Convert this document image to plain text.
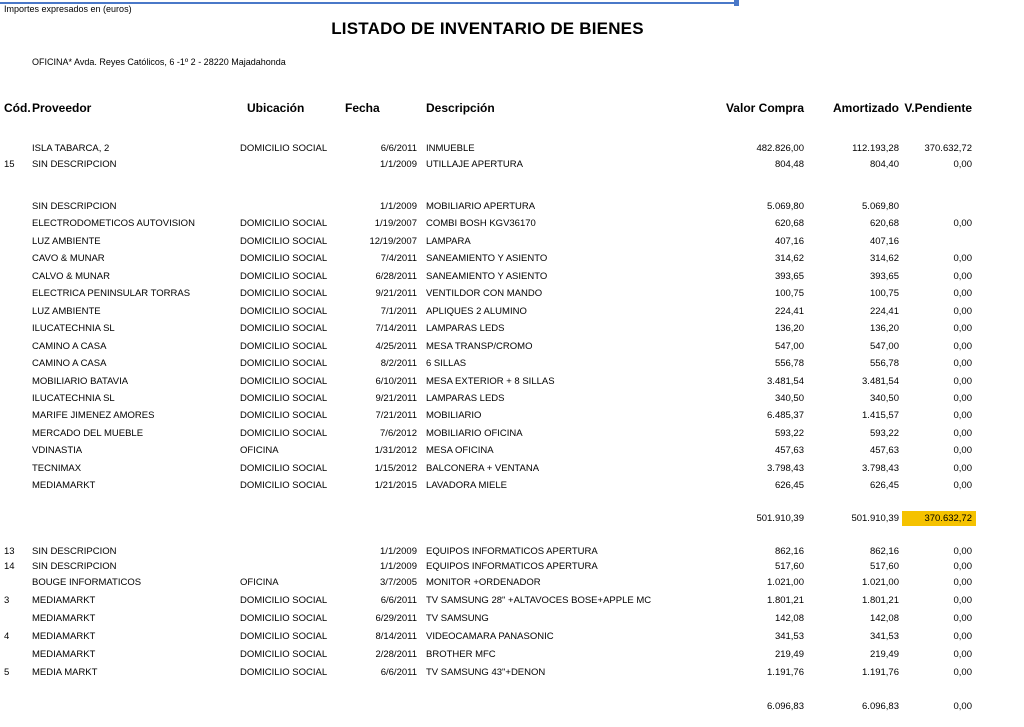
Importes expresados en (euros)
LISTADO DE INVENTARIO DE BIENES
OFICINA* Avda. Reyes Católicos, 6 -1º 2 - 28220 Majadahonda
Cód. Proveedor	Ubicación	Fecha	Descripción	Valor Compra	Amortizado V.Pendiente
ISLA TABARCA, 2	DOMICILIO SOCIAL	6/6/2011 INMUEBLE	482.826,00	112.193,28	370.632,72
15 SIN DESCRIPCION	1/1/2009 UTILLAJE APERTURA	804,48	804,40	0,00
SIN DESCRIPCION	1/1/2009 MOBILIARIO APERTURA	5.069,80	5.069,80
ELECTRODOMETICOS AUTOVISION	DOMICILIO SOCIAL	1/19/2007 COMBI BOSH KGV36170	620,68	620,68	0,00
LUZ AMBIENTE	DOMICILIO SOCIAL	12/19/2007 LAMPARA	407,16	407,16
CAVO & MUNAR	DOMICILIO SOCIAL	7/4/2011 SANEAMIENTO Y ASIENTO	314,62	314,62	0,00
CALVO & MUNAR	DOMICILIO SOCIAL	6/28/2011 SANEAMIENTO Y ASIENTO	393,65	393,65	0,00
ELECTRICA PENINSULAR TORRAS	DOMICILIO SOCIAL	9/21/2011 VENTILDOR CON MANDO	100,75	100,75	0,00
LUZ AMBIENTE	DOMICILIO SOCIAL	7/1/2011 APLIQUES 2 ALUMINO	224,41	224,41	0,00
ILUCATECHNIA SL	DOMICILIO SOCIAL	7/14/2011 LAMPARAS LEDS	136,20	136,20	0,00
CAMINO A CASA	DOMICILIO SOCIAL	4/25/2011 MESA TRANSP/CROMO	547,00	547,00	0,00
CAMINO A CASA	DOMICILIO SOCIAL	8/2/2011 6 SILLAS	556,78	556,78	0,00
MOBILIARIO BATAVIA	DOMICILIO SOCIAL	6/10/2011 MESA EXTERIOR + 8 SILLAS	3.481,54	3.481,54	0,00
ILUCATECHNIA SL	DOMICILIO SOCIAL	9/21/2011 LAMPARAS LEDS	340,50	340,50	0,00
MARIFE JIMENEZ AMORES	DOMICILIO SOCIAL	7/21/2011 MOBILIARIO	6.485,37	1.415,57	0,00
MERCADO DEL MUEBLE	DOMICILIO SOCIAL	7/6/2012 MOBILIARIO OFICINA	593,22	593,22	0,00
VDINASTIA	OFICINA	1/31/2012 MESA OFICINA	457,63	457,63	0,00
TECNIMAX	DOMICILIO SOCIAL	1/15/2012 BALCONERA + VENTANA	3.798,43	3.798,43	0,00
MEDIAMARKT	DOMICILIO SOCIAL	1/21/2015 LAVADORA MIELE	626,45	626,45	0,00
13 SIN DESCRIPCION	1/1/2009 EQUIPOS INFORMATICOS APERTURA	862,16	862,16	0,00
14 SIN DESCRIPCION	1/1/2009 EQUIPOS INFORMATICOS APERTURA	517,60	517,60	0,00
BOUGE INFORMATICOS	OFICINA	3/7/2005 MONITOR +ORDENADOR	1.021,00	1.021,00	0,00
3 MEDIAMARKT	DOMICILIO SOCIAL	6/6/2011 TV SAMSUNG 28" +ALTAVOCES BOSE+APPLE MC	1.801,21	1.801,21	0,00
MEDIAMARKT	DOMICILIO SOCIAL	6/29/2011 TV SAMSUNG	142,08	142,08	0,00
4 MEDIAMARKT	DOMICILIO SOCIAL	8/14/2011 VIDEOCAMARA PANASONIC	341,53	341,53	0,00
MEDIAMARKT	DOMICILIO SOCIAL	2/28/2011 BROTHER MFC	219,49	219,49	0,00
5 MEDIA MARKT	DOMICILIO SOCIAL	6/6/2011 TV SAMSUNG 43"+DENON	1.191,76	1.191,76	0,00
501.910,39	501.910,39	370.632,72
6.096,83	6.096,83	0,00
